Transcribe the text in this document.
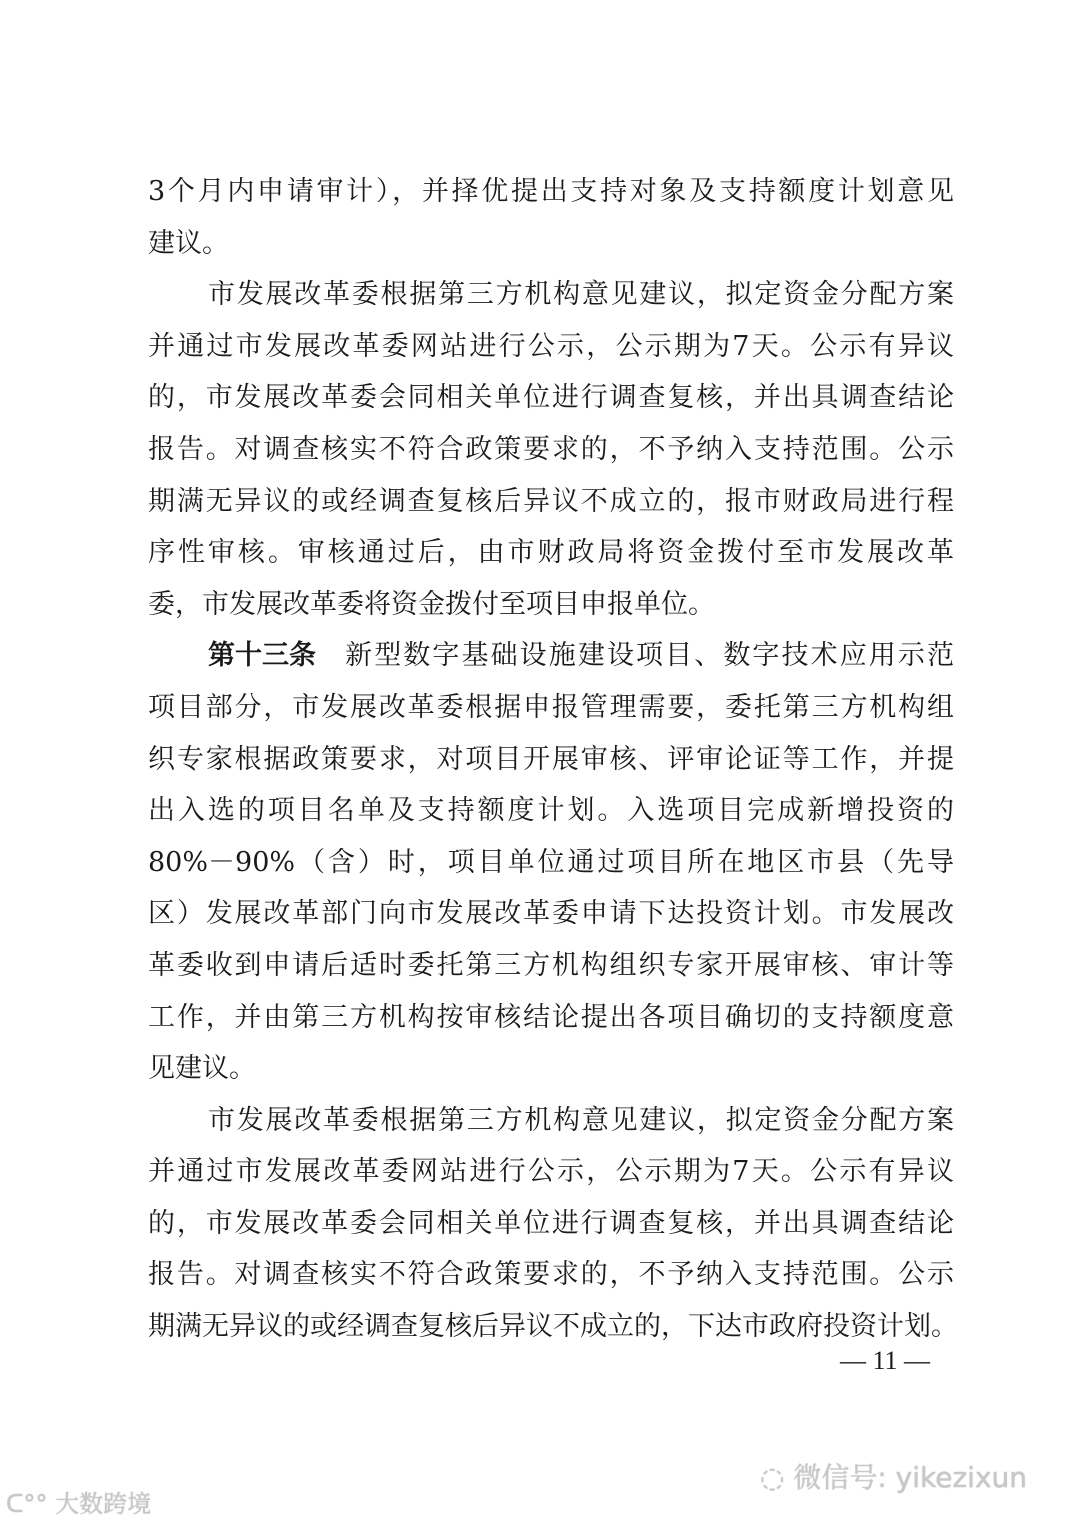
3个月内申请审计），并择优提出支持对象及支持额度计划意见
建议。
市发展改革委根据第三方机构意见建议，拟定资金分配方案
并通过市发展改革委网站进行公示，公示期为7天。公示有异议
的，市发展改革委会同相关单位进行调查复核，并出具调查结论
报告。对调查核实不符合政策要求的，不予纳入支持范围。公示
期满无异议的或经调查复核后异议不成立的，报市财政局进行程
序性审核。审核通过后，由市财政局将资金拨付至市发展改革
委，市发展改革委将资金拨付至项目申报单位。
第十三条 　新型数字基础设施建设项目、数字技术应用示范
项目部分，市发展改革委根据申报管理需要，委托第三方机构组
织专家根据政策要求，对项目开展审核、评审论证等工作，并提
出入选的项目名单及支持额度计划。入选项目完成新增投资的
80%－90%（含）时，项目单位通过项目所在地区市县（先导
区）发展改革部门向市发展改革委申请下达投资计划。市发展改
革委收到申请后适时委托第三方机构组织专家开展审核、审计等
工作，并由第三方机构按审核结论提出各项目确切的支持额度意
见建议。
市发展改革委根据第三方机构意见建议，拟定资金分配方案
并通过市发展改革委网站进行公示，公示期为7天。公示有异议
的，市发展改革委会同相关单位进行调查复核，并出具调查结论
报告。对调查核实不符合政策要求的，不予纳入支持范围。公示
期满无异议的或经调查复核后异议不成立的，下达市政府投资计划。
— 11 —
◌ 微信号: yikezixun
ᑕ°° 大数跨境
